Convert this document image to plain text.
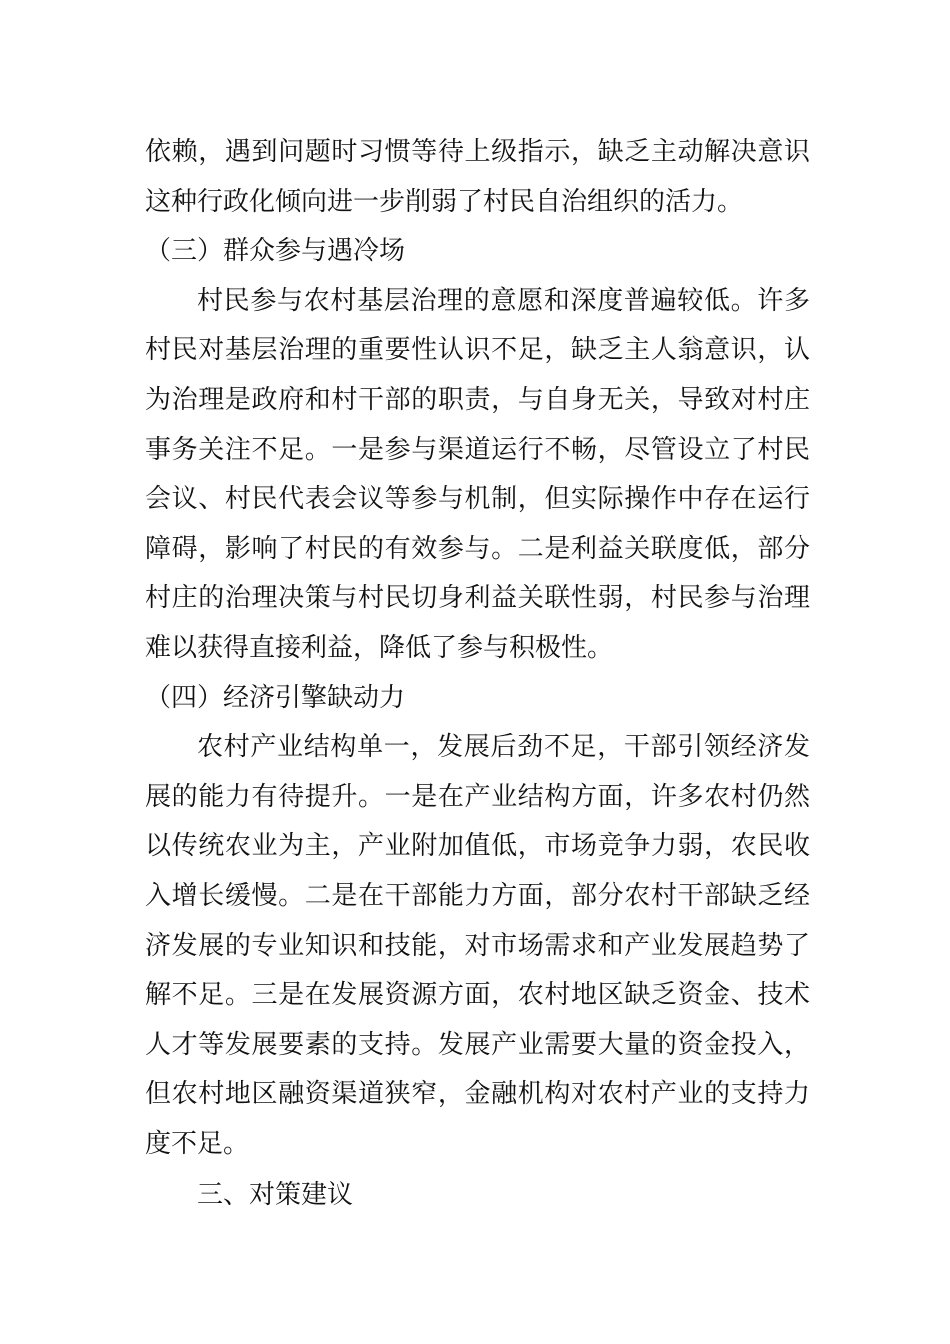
依赖，遇到问题时习惯等待上级指示，缺乏主动解决意识这种行政化倾向进一步削弱了村民自治组织的活力。

（三）群众参与遇冷场

村民参与农村基层治理的意愿和深度普遍较低。许多村民对基层治理的重要性认识不足，缺乏主人翁意识，认为治理是政府和村干部的职责，与自身无关，导致对村庄事务关注不足。一是参与渠道运行不畅，尽管设立了村民会议、村民代表会议等参与机制，但实际操作中存在运行障碍，影响了村民的有效参与。二是利益关联度低，部分村庄的治理决策与村民切身利益关联性弱，村民参与治理难以获得直接利益，降低了参与积极性。

（四）经济引擎缺动力

农村产业结构单一，发展后劲不足，干部引领经济发展的能力有待提升。一是在产业结构方面，许多农村仍然以传统农业为主，产业附加值低，市场竞争力弱，农民收入增长缓慢。二是在干部能力方面，部分农村干部缺乏经济发展的专业知识和技能，对市场需求和产业发展趋势了解不足。三是在发展资源方面，农村地区缺乏资金、技术人才等发展要素的支持。发展产业需要大量的资金投入，但农村地区融资渠道狭窄，金融机构对农村产业的支持力度不足。

三、对策建议
